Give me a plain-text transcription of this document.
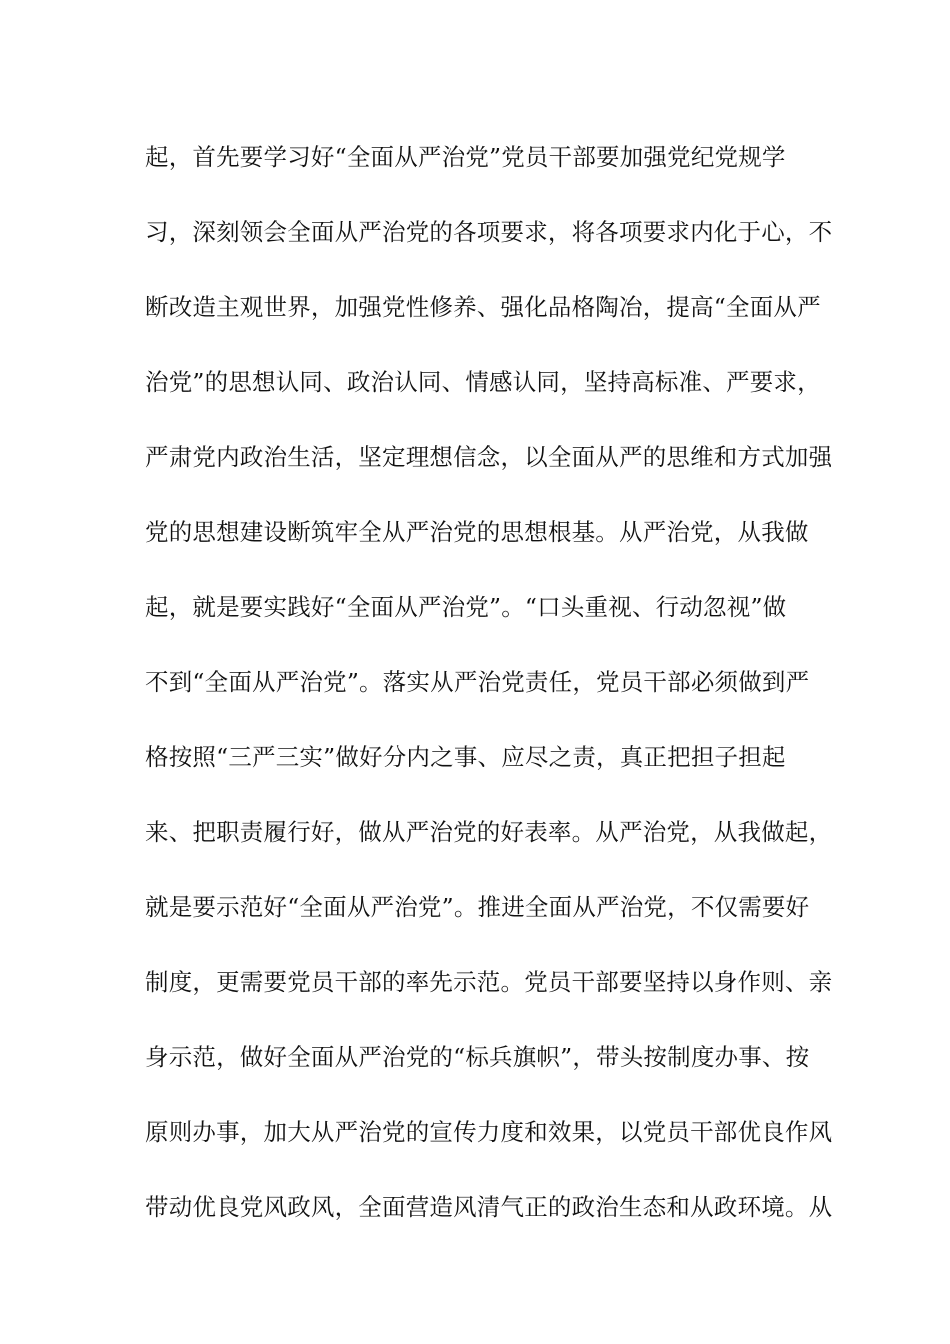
起，首先要学习好“全面从严治党”党员干部要加强党纪党规学
习，深刻领会全面从严治党的各项要求，将各项要求内化于心，不
断改造主观世界，加强党性修养、强化品格陶冶，提高“全面从严
治党”的思想认同、政治认同、情感认同，坚持高标准、严要求，
严肃党内政治生活，坚定理想信念，以全面从严的思维和方式加强
党的思想建设断筑牢全从严治党的思想根基。从严治党，从我做
起，就是要实践好“全面从严治党”。“口头重视、行动忽视”做
不到“全面从严治党”。落实从严治党责任，党员干部必须做到严
格按照“三严三实”做好分内之事、应尽之责，真正把担子担起
来、把职责履行好，做从严治党的好表率。从严治党，从我做起，
就是要示范好“全面从严治党”。推进全面从严治党，不仅需要好
制度，更需要党员干部的率先示范。党员干部要坚持以身作则、亲
身示范，做好全面从严治党的“标兵旗帜”，带头按制度办事、按
原则办事，加大从严治党的宣传力度和效果，以党员干部优良作风
带动优良党风政风，全面营造风清气正的政治生态和从政环境。从
